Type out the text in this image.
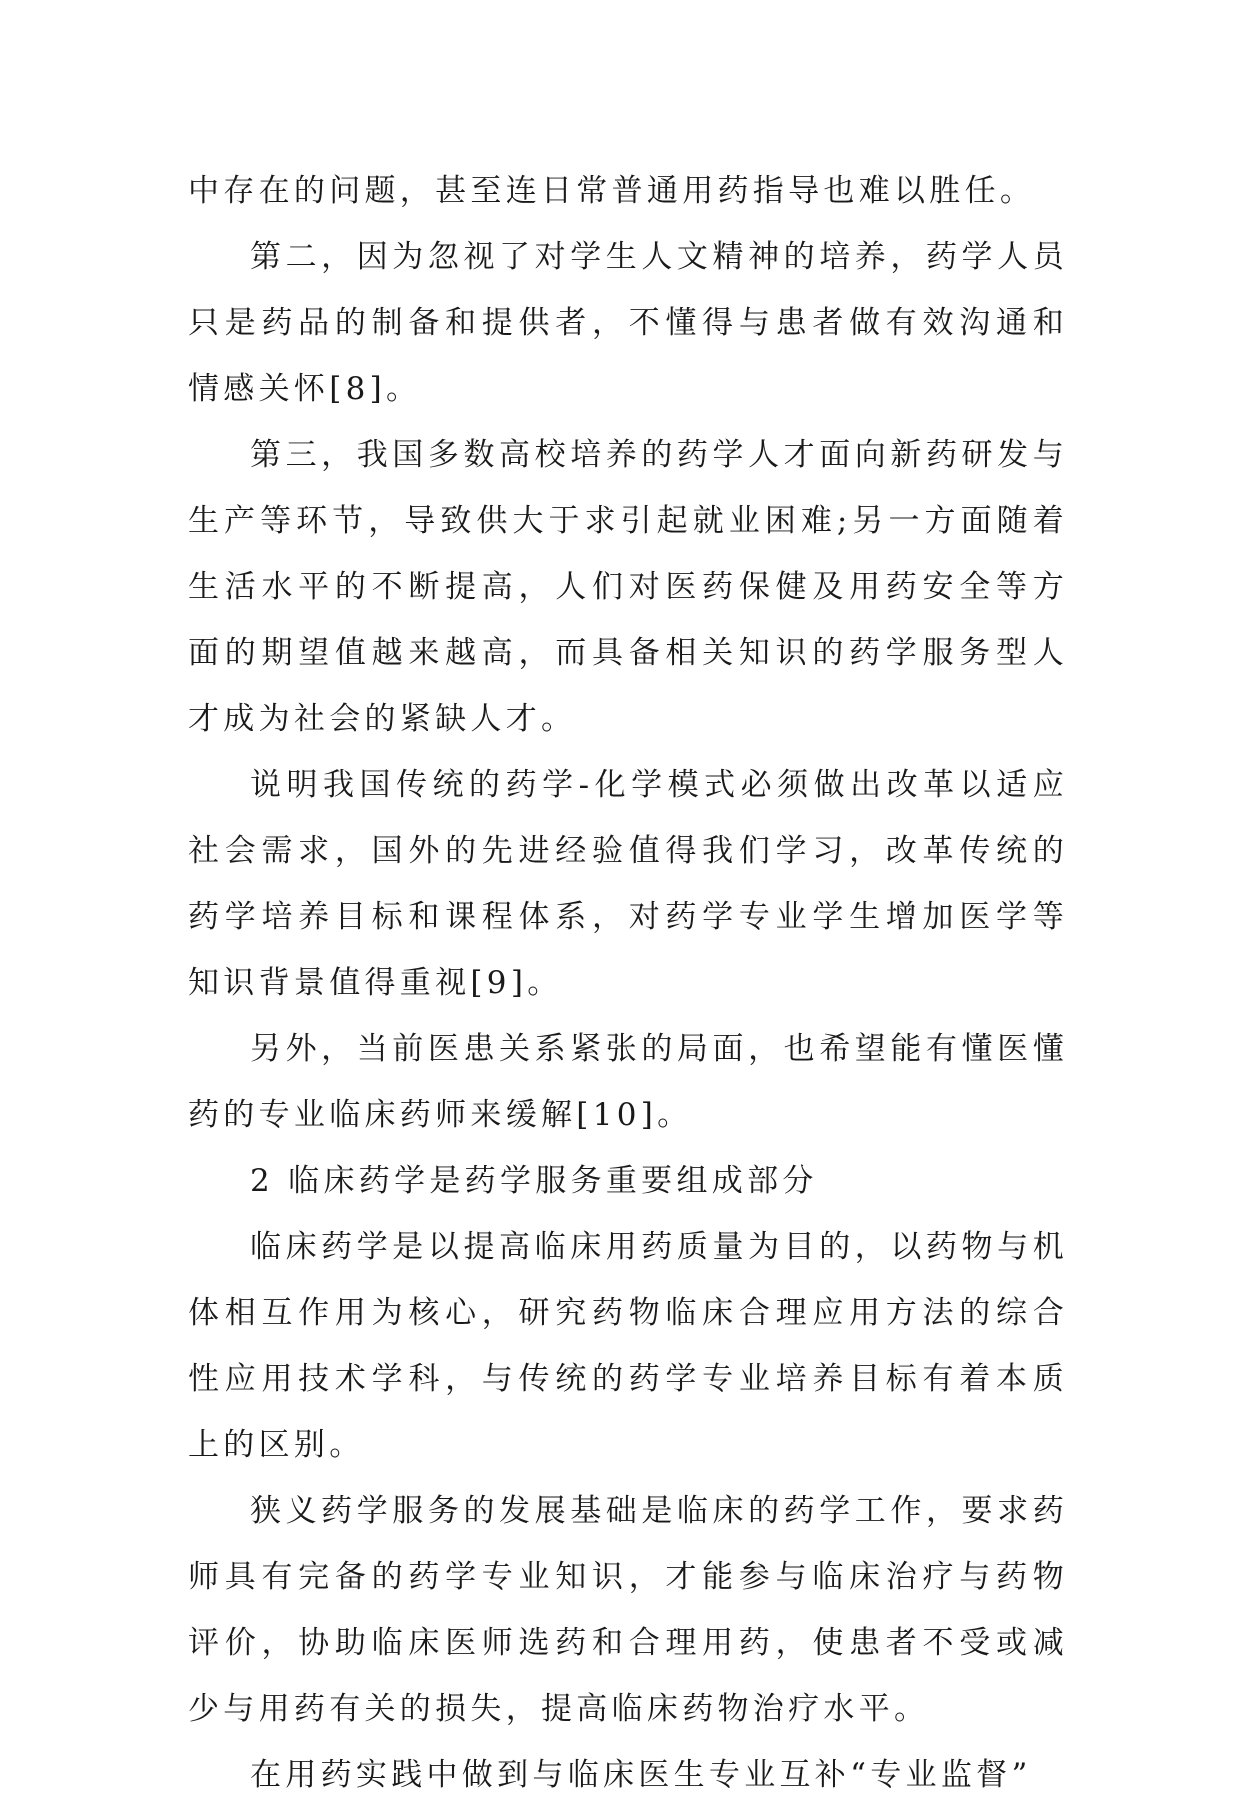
中存在的问题，甚至连日常普通用药指导也难以胜任。

第二，因为忽视了对学生人文精神的培养，药学人员只是药品的制备和提供者，不懂得与患者做有效沟通和情感关怀[8]。

第三，我国多数高校培养的药学人才面向新药研发与生产等环节，导致供大于求引起就业困难;另一方面随着生活水平的不断提高，人们对医药保健及用药安全等方面的期望值越来越高，而具备相关知识的药学服务型人才成为社会的紧缺人才。

说明我国传统的药学-化学模式必须做出改革以适应社会需求，国外的先进经验值得我们学习，改革传统的药学培养目标和课程体系，对药学专业学生增加医学等知识背景值得重视[9]。

另外，当前医患关系紧张的局面，也希望能有懂医懂药的专业临床药师来缓解[10]。

2 临床药学是药学服务重要组成部分

临床药学是以提高临床用药质量为目的，以药物与机体相互作用为核心，研究药物临床合理应用方法的综合性应用技术学科，与传统的药学专业培养目标有着本质上的区别。

狭义药学服务的发展基础是临床的药学工作，要求药师具有完备的药学专业知识，才能参与临床治疗与药物评价，协助临床医师选药和合理用药，使患者不受或减少与用药有关的损失，提高临床药物治疗水平。

在用药实践中做到与临床医生专业互补“专业监督”
